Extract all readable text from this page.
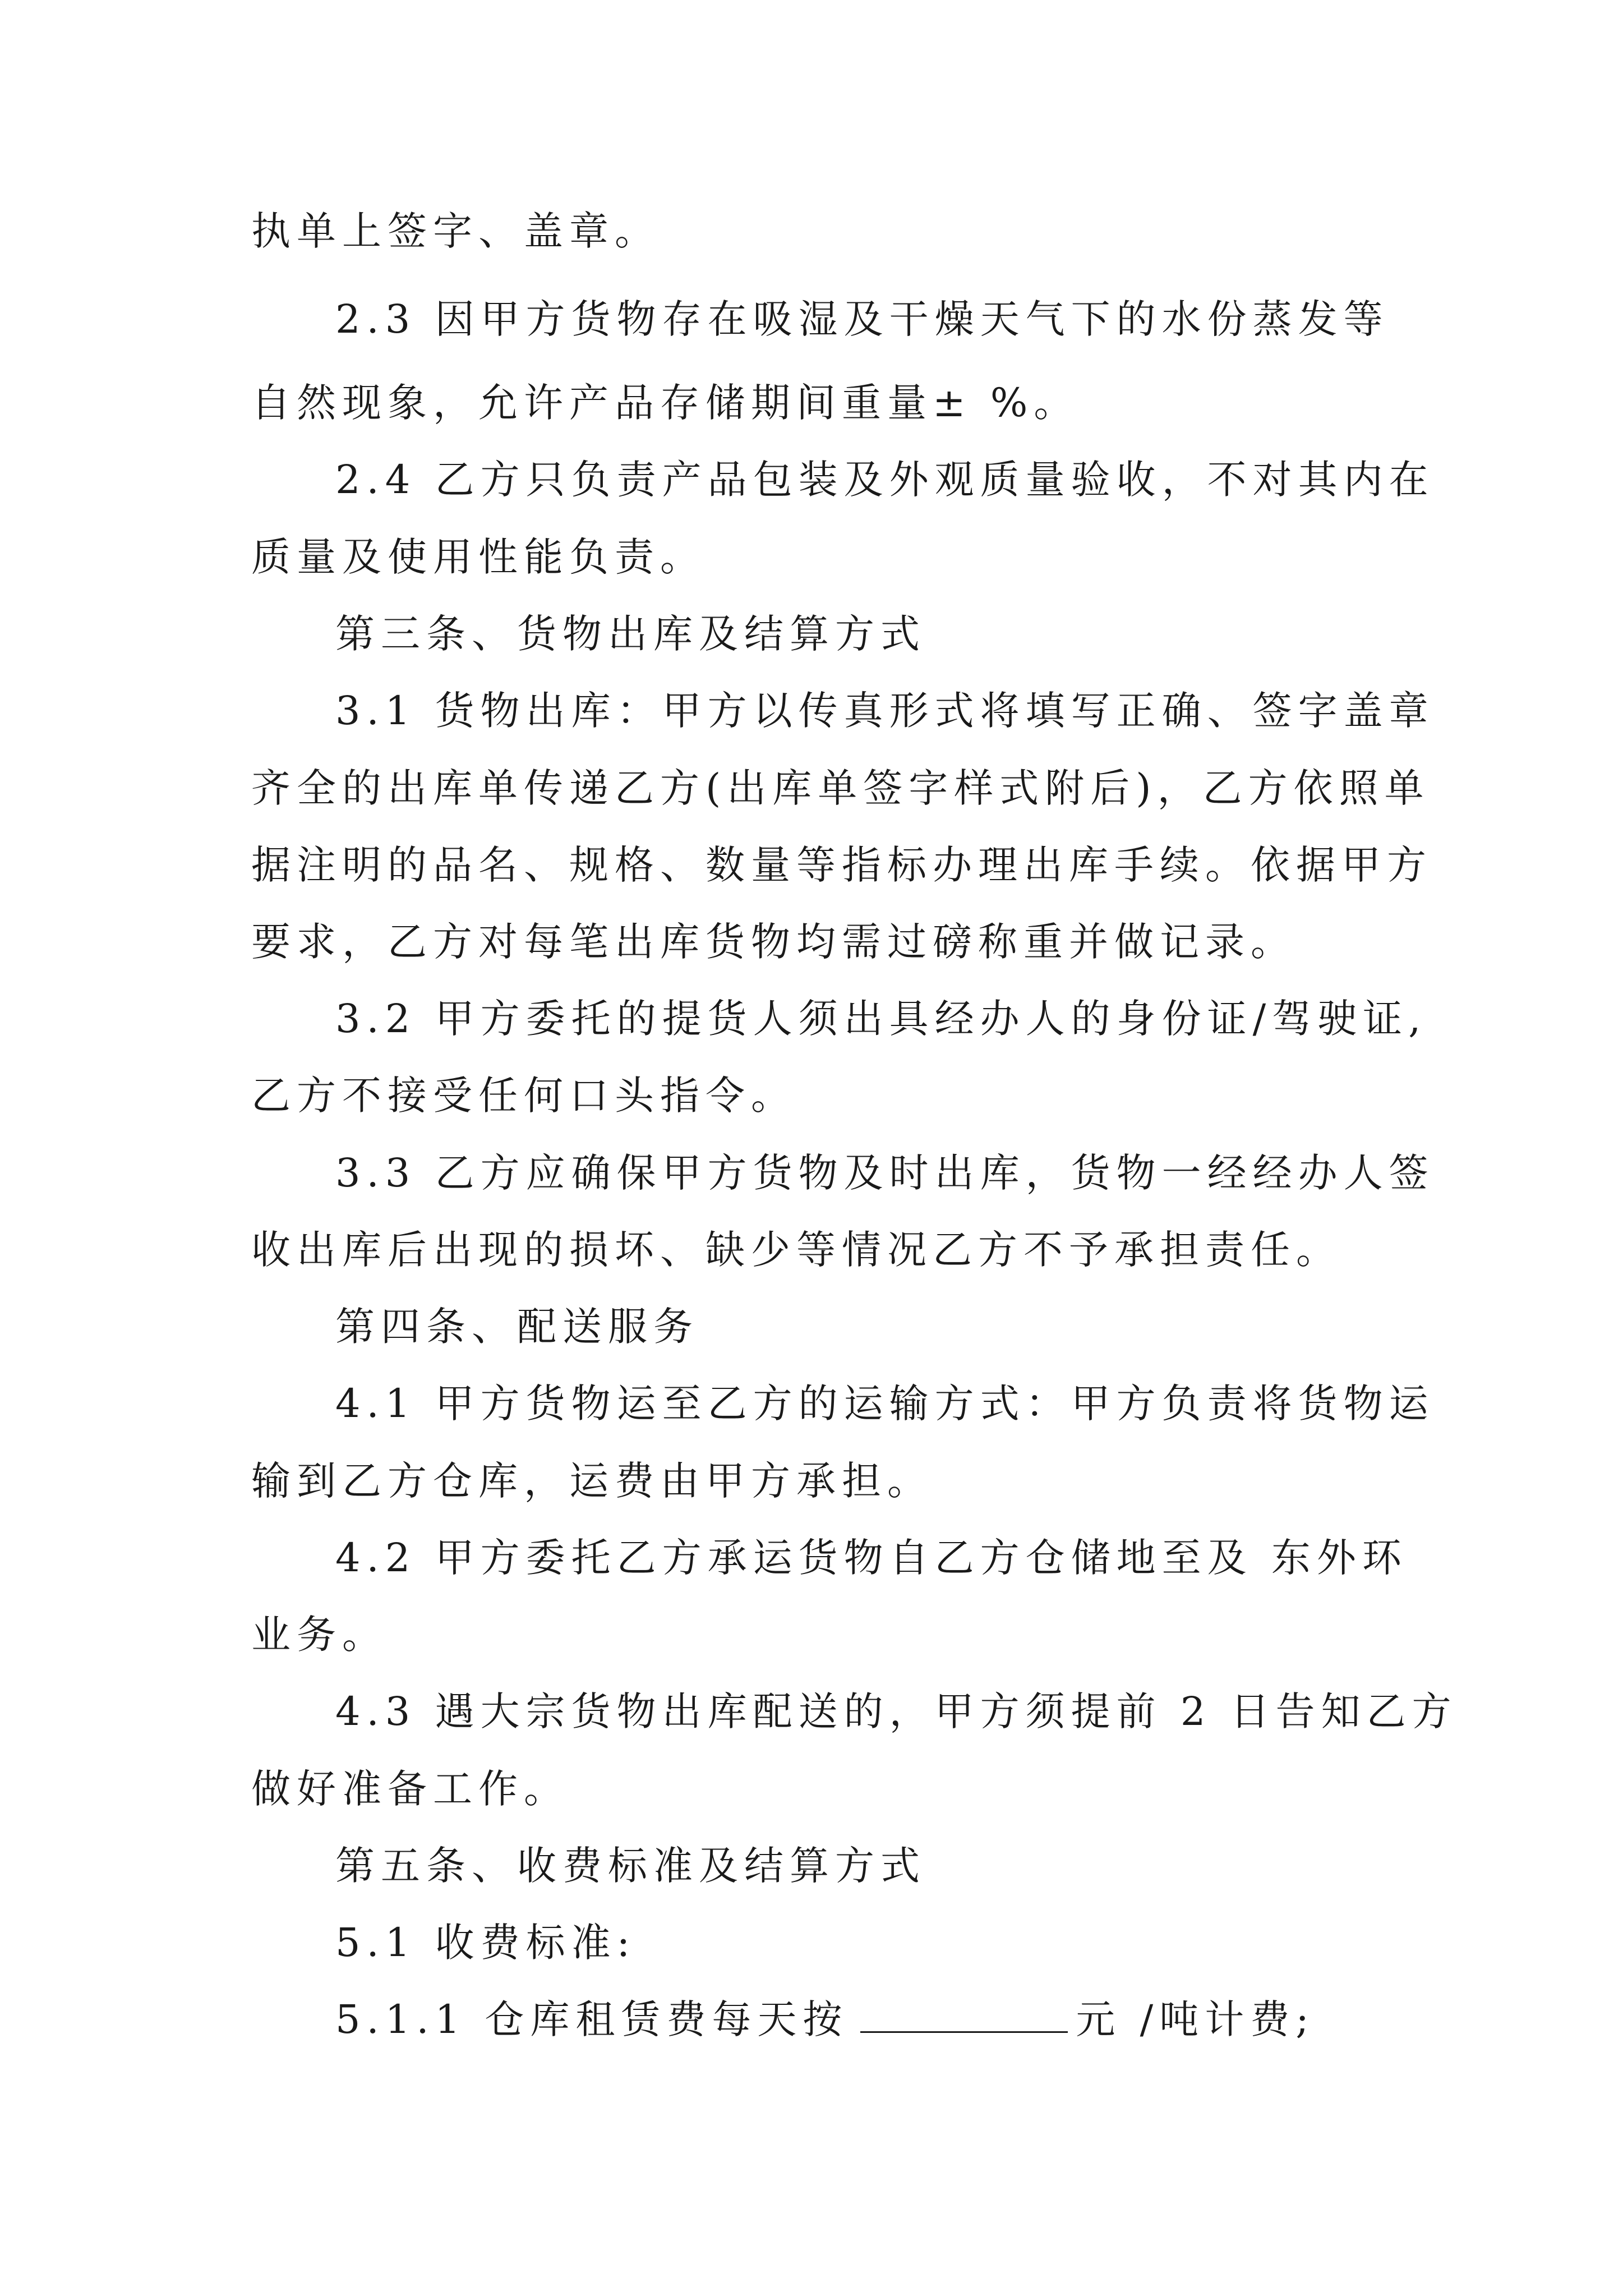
执单上签字、盖章。
2.3 因甲方货物存在吸湿及干燥天气下的水份蒸发等
自然现象，允许产品存储期间重量± %。
2.4 乙方只负责产品包装及外观质量验收，不对其内在
质量及使用性能负责。
第三条、货物出库及结算方式
3.1 货物出库：甲方以传真形式将填写正确、签字盖章
齐全的出库单传递乙方(出库单签字样式附后)，乙方依照单
据注明的品名、规格、数量等指标办理出库手续。依据甲方
要求，乙方对每笔出库货物均需过磅称重并做记录。
3.2 甲方委托的提货人须出具经办人的身份证/驾驶证,
乙方不接受任何口头指令。
3.3 乙方应确保甲方货物及时出库，货物一经经办人签
收出库后出现的损坏、缺少等情况乙方不予承担责任。
第四条、配送服务
4.1 甲方货物运至乙方的运输方式：甲方负责将货物运
输到乙方仓库，运费由甲方承担。
4.2 甲方委托乙方承运货物自乙方仓储地至及 东外环
业务。
4.3 遇大宗货物出库配送的，甲方须提前 2 日告知乙方
做好准备工作。
第五条、收费标准及结算方式
5.1 收费标准:
5.1.1 仓库租赁费每天按	元 /吨计费;
